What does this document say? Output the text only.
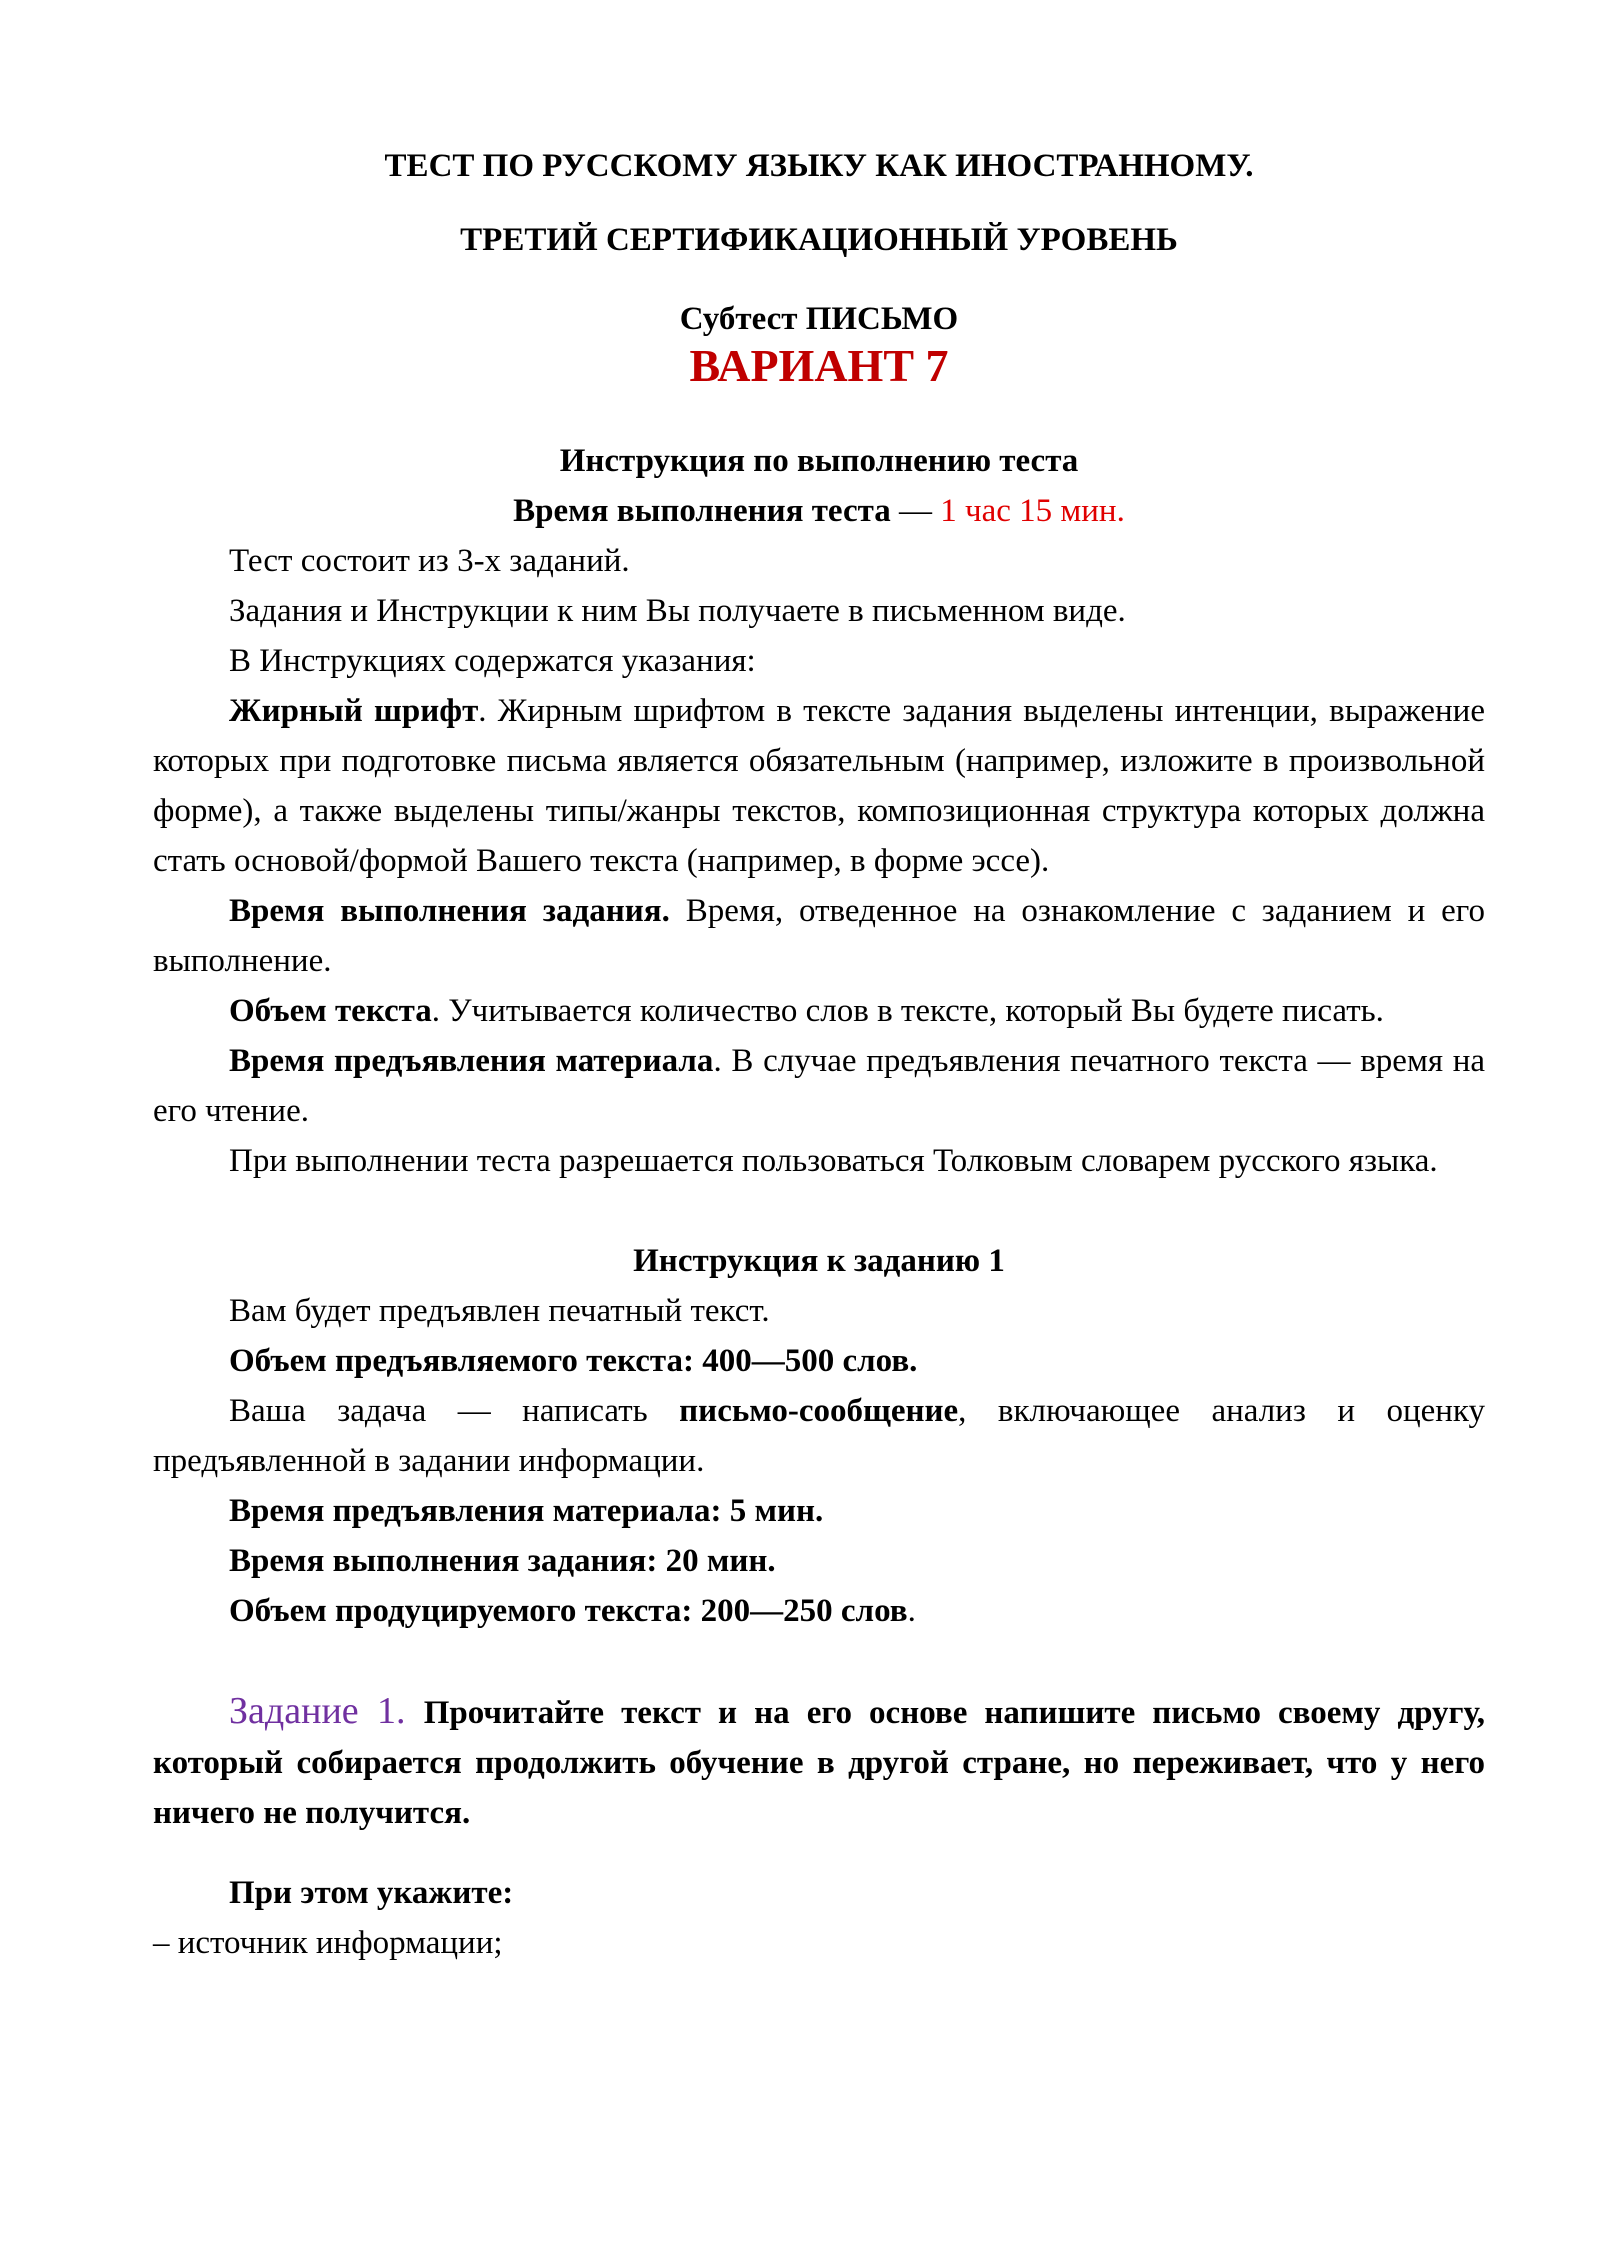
ТЕСТ ПО РУССКОМУ ЯЗЫКУ КАК ИНОСТРАННОМУ.

ТРЕТИЙ СЕРТИФИКАЦИОННЫЙ УРОВЕНЬ

Субтест ПИСЬМО
ВАРИАНТ 7
Инструкция по выполнению теста
Время выполнения теста — 1 час 15 мин.

Тест состоит из 3-х заданий.

Задания и Инструкции к ним Вы получаете в письменном виде.

В Инструкциях содержатся указания:

Жирный шрифт. Жирным шрифтом в тексте задания выделены интенции, выражение которых при подготовке письма является обязательным (например, изложите в произвольной форме), а также выделены типы/жанры текстов, композиционная структура которых должна стать основой/формой Вашего текста (например, в форме эссе).

Время выполнения задания. Время, отведенное на ознакомление с заданием и его выполнение.

Объем текста. Учитывается количество слов в тексте, который Вы будете писать.

Время предъявления материала. В случае предъявления печатного текста — время на его чтение.

При выполнении теста разрешается пользоваться Толковым словарем русского языка.

Инструкция к заданию 1

Вам будет предъявлен печатный текст.

Объем предъявляемого текста: 400—500 слов.

Ваша задача — написать письмо-сообщение, включающее анализ и оценку предъявленной в задании информации.

Время предъявления материала: 5 мин.

Время выполнения задания: 20 мин.

Объем продуцируемого текста: 200—250 слов.

Задание 1. Прочитайте текст и на его основе напишите письмо своему другу, который собирается продолжить обучение в другой стране, но переживает, что у него ничего не получится.

При этом укажите:

– источник информации;
